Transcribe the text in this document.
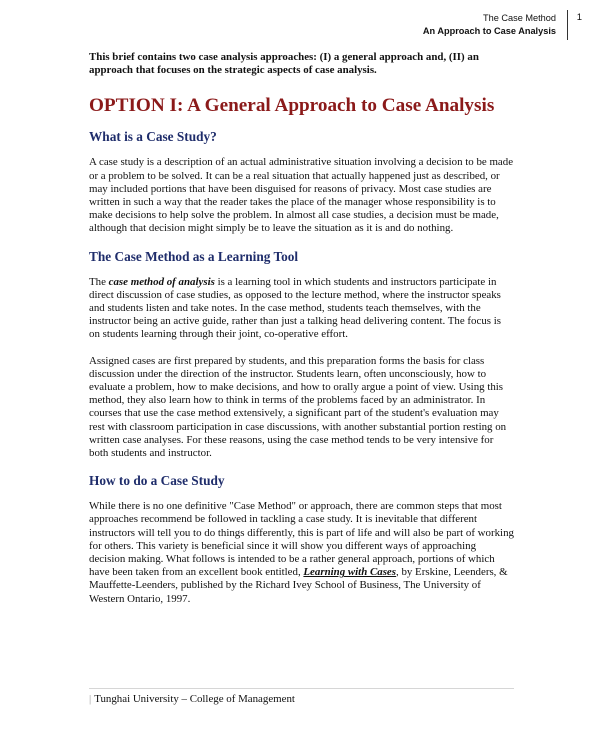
The Case Method
An Approach to Case Analysis
1

This brief contains two case analysis approaches: (I) a general approach and, (II) an approach that focuses on the strategic aspects of case analysis.

OPTION I: A General Approach to Case Analysis
What is a Case Study?

A case study is a description of an actual administrative situation involving a decision to be made or a problem to be solved. It can be a real situation that actually happened just as described, or may included portions that have been disguised for reasons of privacy. Most case studies are written in such a way that the reader takes the place of the manager whose responsibility is to make decisions to help solve the problem. In almost all case studies, a decision must be made, although that decision might simply be to leave the situation as it is and do nothing.

The Case Method as a Learning Tool

The case method of analysis is a learning tool in which students and instructors participate in direct discussion of case studies, as opposed to the lecture method, where the instructor speaks and students listen and take notes. In the case method, students teach themselves, with the instructor being an active guide, rather than just a talking head delivering content. The focus is on students learning through their joint, co-operative effort.

Assigned cases are first prepared by students, and this preparation forms the basis for class discussion under the direction of the instructor. Students learn, often unconsciously, how to evaluate a problem, how to make decisions, and how to orally argue a point of view. Using this method, they also learn how to think in terms of the problems faced by an administrator. In courses that use the case method extensively, a significant part of the student's evaluation may rest with classroom participation in case discussions, with another substantial portion resting on written case analyses. For these reasons, using the case method tends to be very intensive for both students and instructor.

How to do a Case Study

While there is no one definitive "Case Method" or approach, there are common steps that most approaches recommend be followed in tackling a case study. It is inevitable that different instructors will tell you to do things differently, this is part of life and will also be part of working for others. This variety is beneficial since it will show you different ways of approaching decision making. What follows is intended to be a rather general approach, portions of which have been taken from an excellent book entitled, Learning with Cases, by Erskine, Leenders, & Mauffette-Leenders, published by the Richard Ivey School of Business, The University of Western Ontario, 1997.

| Tunghai University – College of Management
